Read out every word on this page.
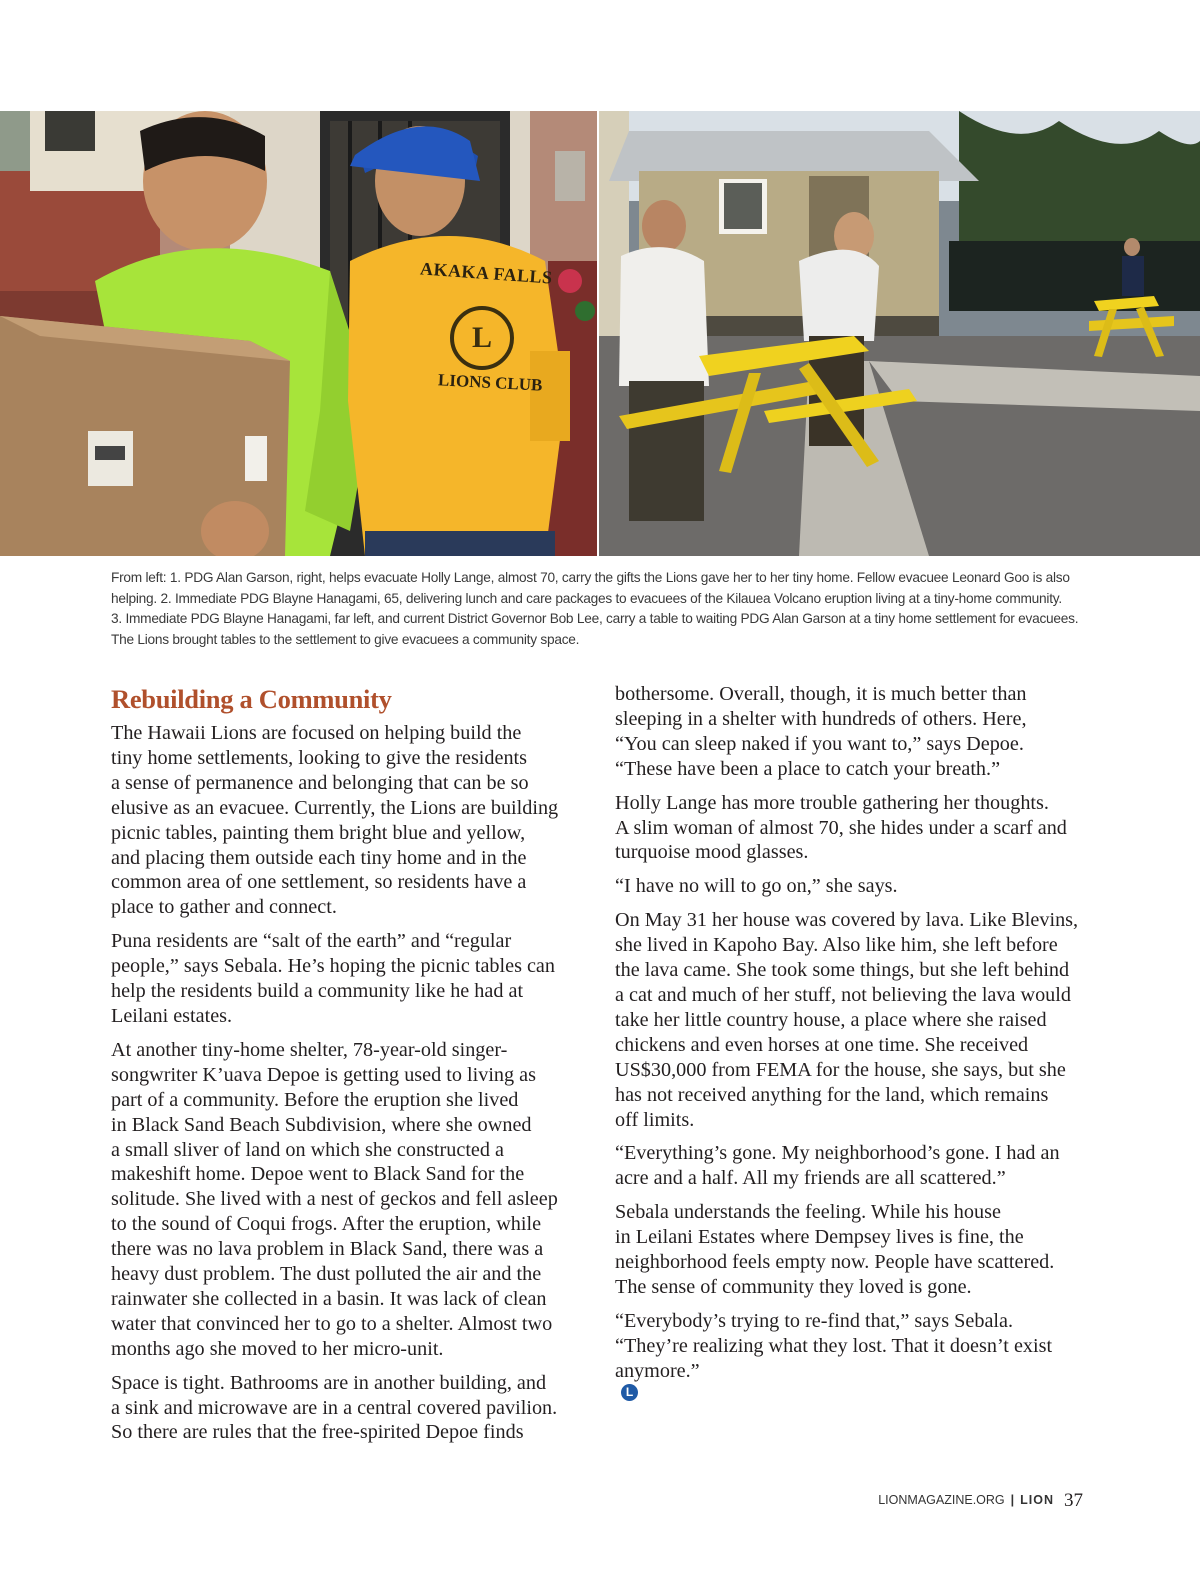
AKAKA FALLS
L
LIONS CLUB
From left: 1. PDG Alan Garson, right, helps evacuate Holly Lange, almost 70, carry the gifts the Lions gave her to her tiny home. Fellow evacuee Leonard Goo is also
helping. 2. Immediate PDG Blayne Hanagami, 65, delivering lunch and care packages to evacuees of the Kilauea Volcano eruption living at a tiny-home community.
3. Immediate PDG Blayne Hanagami, far left, and current District Governor Bob Lee, carry a table to waiting PDG Alan Garson at a tiny home settlement for evacuees.
The Lions brought tables to the settlement to give evacuees a community space.
Rebuilding a Community
The Hawaii Lions are focused on helping build the
tiny home settlements, looking to give the residents
a sense of permanence and belonging that can be so
elusive as an evacuee. Currently, the Lions are building
picnic tables, painting them bright blue and yellow,
and placing them outside each tiny home and in the
common area of one settlement, so residents have a
place to gather and connect.
Puna residents are “salt of the earth” and “regular
people,” says Sebala. He’s hoping the picnic tables can
help the residents build a community like he had at
Leilani estates.
At another tiny-home shelter, 78-year-old singer-
songwriter K’uava Depoe is getting used to living as
part of a community. Before the eruption she lived
in Black Sand Beach Subdivision, where she owned
a small sliver of land on which she constructed a
makeshift home. Depoe went to Black Sand for the
solitude. She lived with a nest of geckos and fell asleep
to the sound of Coqui frogs. After the eruption, while
there was no lava problem in Black Sand, there was a
heavy dust problem. The dust polluted the air and the
rainwater she collected in a basin. It was lack of clean
water that convinced her to go to a shelter. Almost two
months ago she moved to her micro-unit.
Space is tight. Bathrooms are in another building, and
a sink and microwave are in a central covered pavilion.
So there are rules that the free-spirited Depoe finds
bothersome. Overall, though, it is much better than
sleeping in a shelter with hundreds of others. Here,
“You can sleep naked if you want to,” says Depoe.
“These have been a place to catch your breath.”
Holly Lange has more trouble gathering her thoughts.
A slim woman of almost 70, she hides under a scarf and
turquoise mood glasses.
“I have no will to go on,” she says.
On May 31 her house was covered by lava. Like Blevins,
she lived in Kapoho Bay. Also like him, she left before
the lava came. She took some things, but she left behind
a cat and much of her stuff, not believing the lava would
take her little country house, a place where she raised
chickens and even horses at one time. She received
US$30,000 from FEMA for the house, she says, but she
has not received anything for the land, which remains
off limits.
“Everything’s gone. My neighborhood’s gone. I had an
acre and a half. All my friends are all scattered.”
Sebala understands the feeling. While his house
in Leilani Estates where Dempsey lives is fine, the
neighborhood feels empty now. People have scattered.
The sense of community they loved is gone.
“Everybody’s trying to re-find that,” says Sebala.
“They’re realizing what they lost. That it doesn’t exist
anymore.”
L
LIONMAGAZINE.ORG | LION 37
